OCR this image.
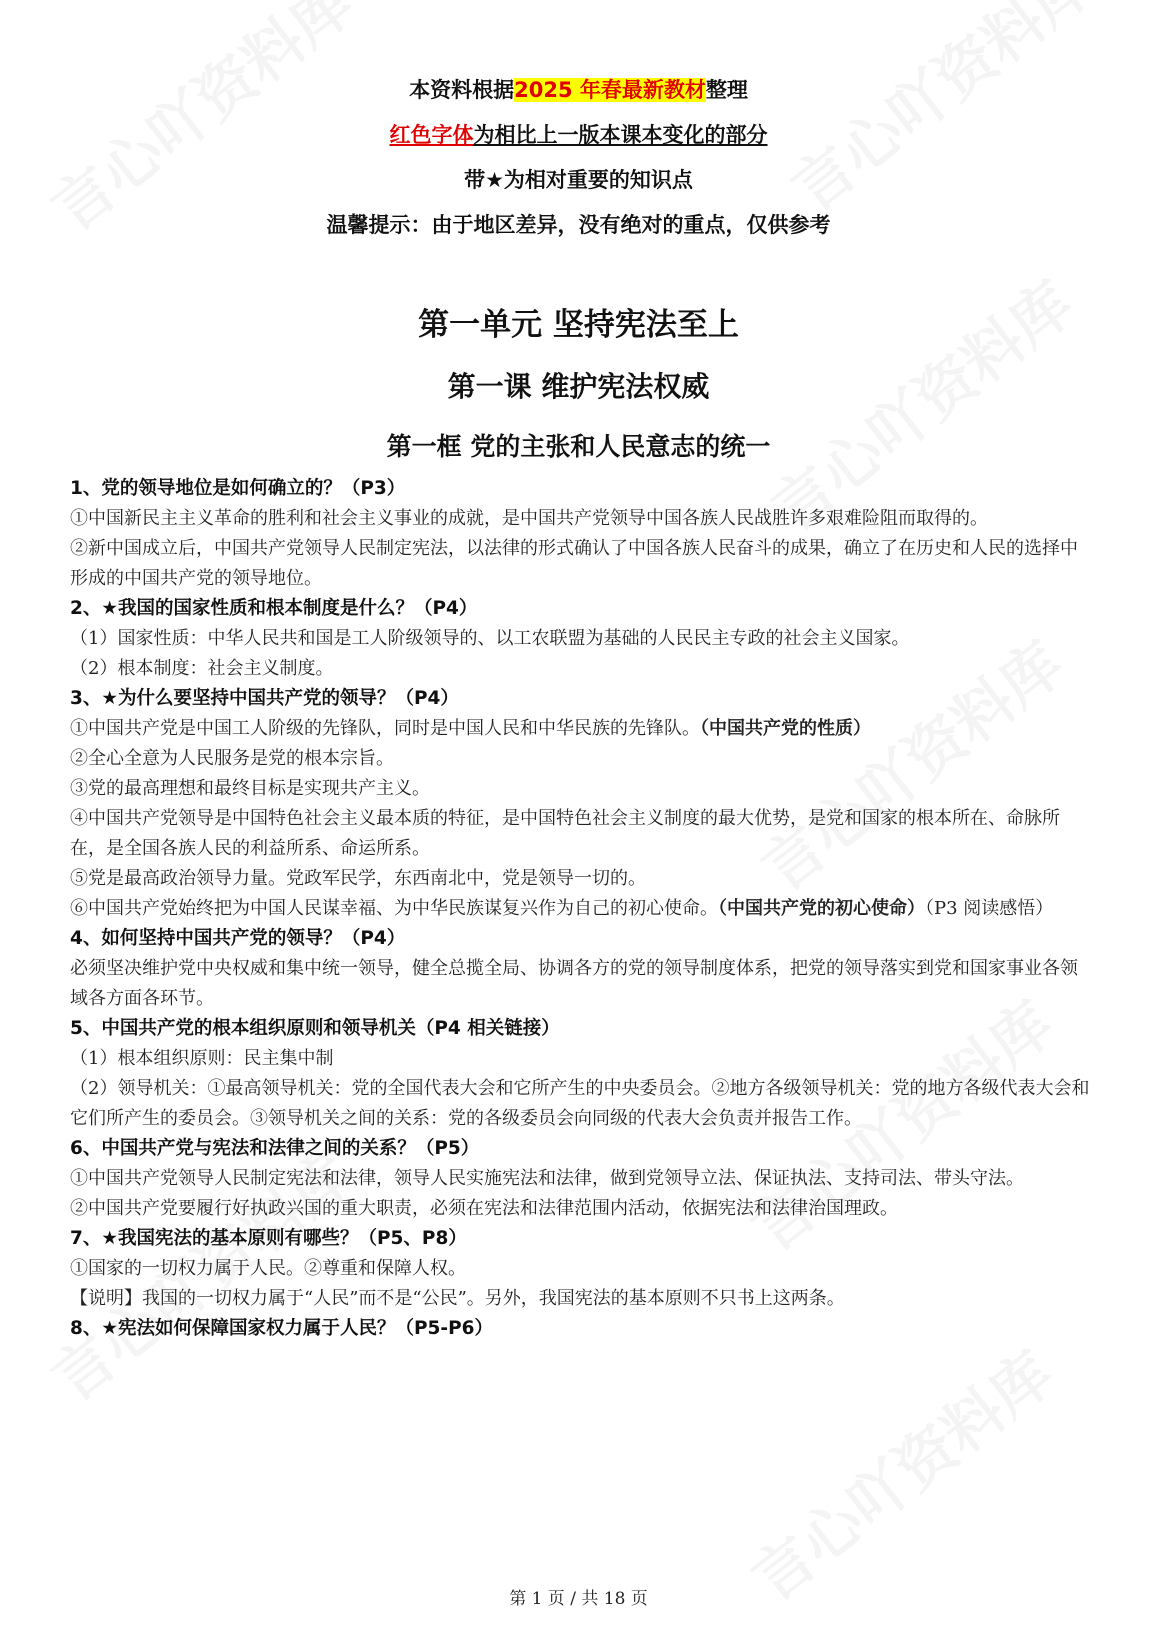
本资料根据2025 年春最新教材整理
红色字体为相比上一版本课本变化的部分
带★为相对重要的知识点
温馨提示：由于地区差异，没有绝对的重点，仅供参考
第一单元 坚持宪法至上
第一课 维护宪法权威
第一框 党的主张和人民意志的统一

1、党的领导地位是如何确立的？（P3）

①中国新民主主义革命的胜利和社会主义事业的成就，是中国共产党领导中国各族人民战胜许多艰难险阻而取得的。

②新中国成立后，中国共产党领导人民制定宪法，以法律的形式确认了中国各族人民奋斗的成果，确立了在历史和人民的选择中形成的中国共产党的领导地位。

2、★我国的国家性质和根本制度是什么？（P4）

（1）国家性质：中华人民共和国是工人阶级领导的、以工农联盟为基础的人民民主专政的社会主义国家。

（2）根本制度：社会主义制度。

3、★为什么要坚持中国共产党的领导？（P4）

①中国共产党是中国工人阶级的先锋队，同时是中国人民和中华民族的先锋队。（中国共产党的性质）

②全心全意为人民服务是党的根本宗旨。

③党的最高理想和最终目标是实现共产主义。

④中国共产党领导是中国特色社会主义最本质的特征，是中国特色社会主义制度的最大优势，是党和国家的根本所在、命脉所在，是全国各族人民的利益所系、命运所系。

⑤党是最高政治领导力量。党政军民学，东西南北中，党是领导一切的。

⑥中国共产党始终把为中国人民谋幸福、为中华民族谋复兴作为自己的初心使命。（中国共产党的初心使命）（P3 阅读感悟）

4、如何坚持中国共产党的领导？（P4）

必须坚决维护党中央权威和集中统一领导，健全总揽全局、协调各方的党的领导制度体系，把党的领导落实到党和国家事业各领域各方面各环节。

5、中国共产党的根本组织原则和领导机关（P4 相关链接）

（1）根本组织原则：民主集中制

（2）领导机关：①最高领导机关：党的全国代表大会和它所产生的中央委员会。②地方各级领导机关：党的地方各级代表大会和它们所产生的委员会。③领导机关之间的关系：党的各级委员会向同级的代表大会负责并报告工作。

6、中国共产党与宪法和法律之间的关系？（P5）

①中国共产党领导人民制定宪法和法律，领导人民实施宪法和法律，做到党领导立法、保证执法、支持司法、带头守法。

②中国共产党要履行好执政兴国的重大职责，必须在宪法和法律范围内活动，依据宪法和法律治国理政。

7、★我国宪法的基本原则有哪些？（P5、P8）

①国家的一切权力属于人民。②尊重和保障人权。

【说明】我国的一切权力属于“人民”而不是“公民”。另外，我国宪法的基本原则不只书上这两条。

8、★宪法如何保障国家权力属于人民？（P5-P6）

第 1 页 / 共 18 页
